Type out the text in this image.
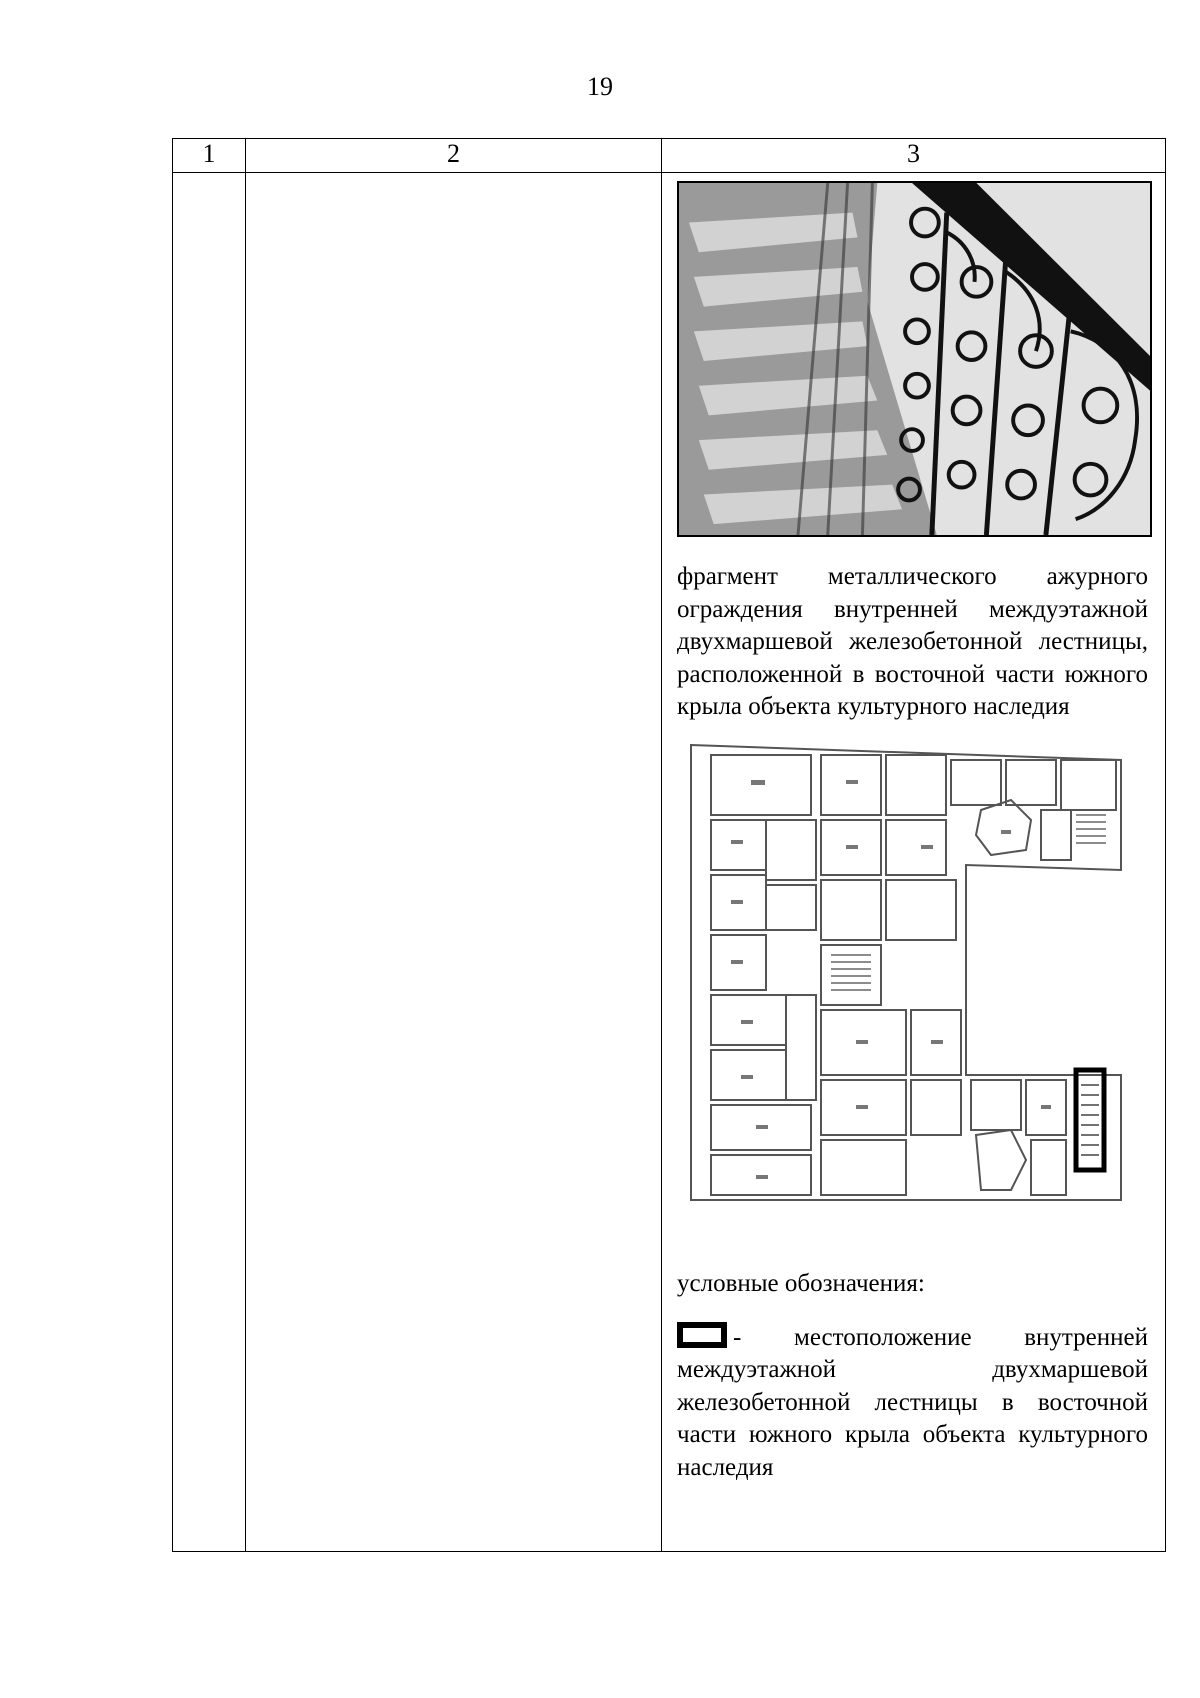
19
1	2	3

		фрагмент металлического ажурного ограждения внутренней междуэтажной двухмаршевой железобетонной лестницы, расположенной в восточной части южного крыла объекта культурного наследия

условные обозначения:

- местоположение внутренней междуэтажной двухмаршевой железобетонной лестницы в восточной части южного крыла объекта культурного наследия
